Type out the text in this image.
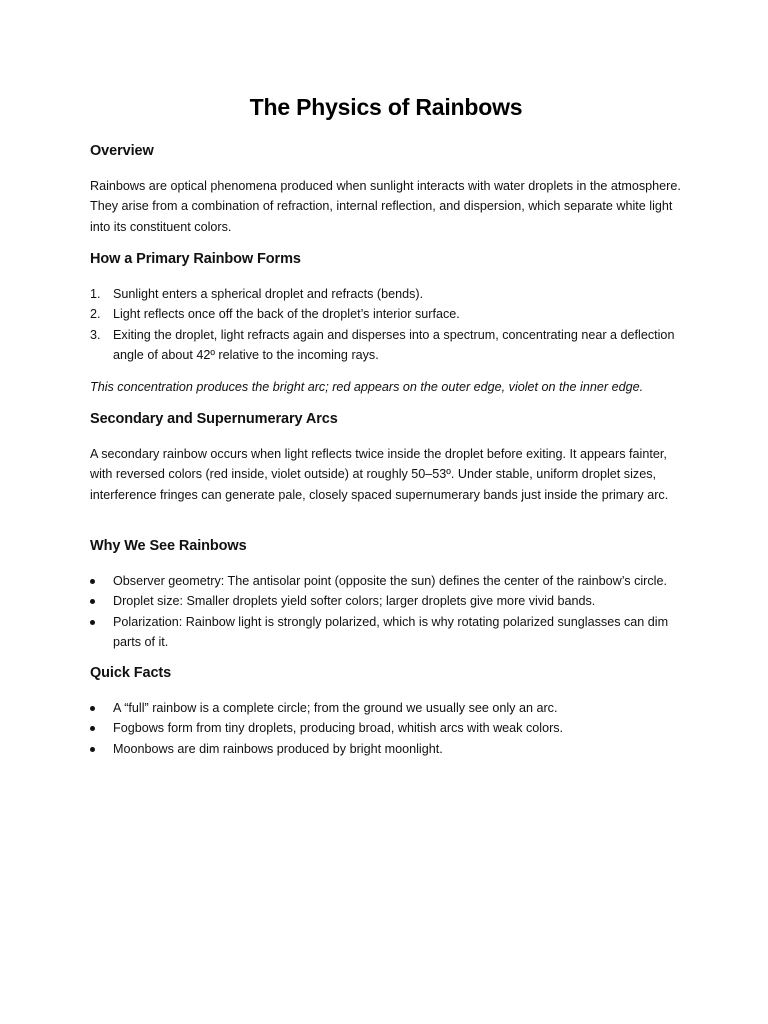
The Physics of Rainbows
Overview
Rainbows are optical phenomena produced when sunlight interacts with water droplets in the atmosphere. They arise from a combination of refraction, internal reflection, and dispersion, which separate white light into its constituent colors.
How a Primary Rainbow Forms
1. Sunlight enters a spherical droplet and refracts (bends).
2. Light reflects once off the back of the droplet’s interior surface.
3. Exiting the droplet, light refracts again and disperses into a spectrum, concentrating near a deflection angle of about 42º relative to the incoming rays.
This concentration produces the bright arc; red appears on the outer edge, violet on the inner edge.
Secondary and Supernumerary Arcs
A secondary rainbow occurs when light reflects twice inside the droplet before exiting. It appears fainter, with reversed colors (red inside, violet outside) at roughly 50–53º. Under stable, uniform droplet sizes, interference fringes can generate pale, closely spaced supernumerary bands just inside the primary arc.
Why We See Rainbows
Observer geometry: The antisolar point (opposite the sun) defines the center of the rainbow’s circle.
Droplet size: Smaller droplets yield softer colors; larger droplets give more vivid bands.
Polarization: Rainbow light is strongly polarized, which is why rotating polarized sunglasses can dim parts of it.
Quick Facts
A “full” rainbow is a complete circle; from the ground we usually see only an arc.
Fogbows form from tiny droplets, producing broad, whitish arcs with weak colors.
Moonbows are dim rainbows produced by bright moonlight.
